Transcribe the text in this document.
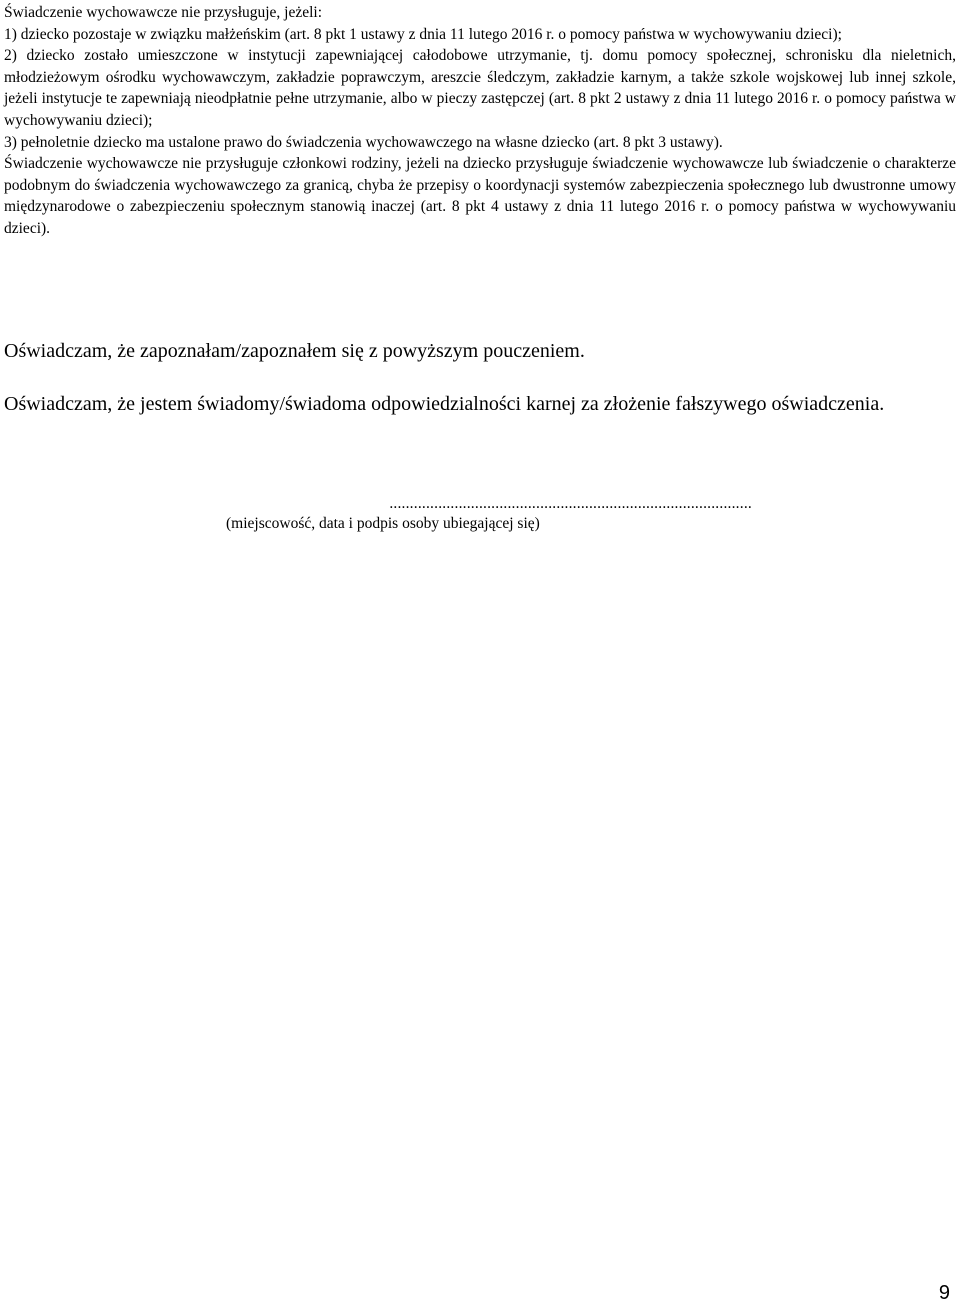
Świadczenie wychowawcze nie przysługuje, jeżeli:

1) dziecko pozostaje w związku małżeńskim (art. 8 pkt 1 ustawy z dnia 11 lutego 2016 r. o pomocy państwa w wychowywaniu dzieci);

2) dziecko zostało umieszczone w instytucji zapewniającej całodobowe utrzymanie, tj. domu pomocy społecznej, schronisku dla nieletnich, młodzieżowym ośrodku wychowawczym, zakładzie poprawczym, areszcie śledczym, zakładzie karnym, a także szkole wojskowej lub innej szkole, jeżeli instytucje te zapewniają nieodpłatnie pełne utrzymanie, albo w pieczy zastępczej (art. 8 pkt 2 ustawy z dnia 11 lutego 2016 r. o pomocy państwa w wychowywaniu dzieci);

3) pełnoletnie dziecko ma ustalone prawo do świadczenia wychowawczego na własne dziecko (art. 8 pkt 3 ustawy).

Świadczenie wychowawcze nie przysługuje członkowi rodziny, jeżeli na dziecko przysługuje świadczenie wychowawcze lub świadczenie o charakterze podobnym do świadczenia wychowawczego za granicą, chyba że przepisy o koordynacji systemów zabezpieczenia społecznego lub dwustronne umowy międzynarodowe o zabezpieczeniu społecznym stanowią inaczej (art. 8 pkt 4 ustawy z dnia 11 lutego 2016 r. o pomocy państwa w wychowywaniu dzieci).

Oświadczam, że zapoznałam/zapoznałem się z powyższym pouczeniem.

Oświadczam, że jestem świadomy/świadoma odpowiedzialności karnej za złożenie fałszywego oświadczenia.

.........................................................................................
(miejscowość, data i podpis osoby ubiegającej się)
9
